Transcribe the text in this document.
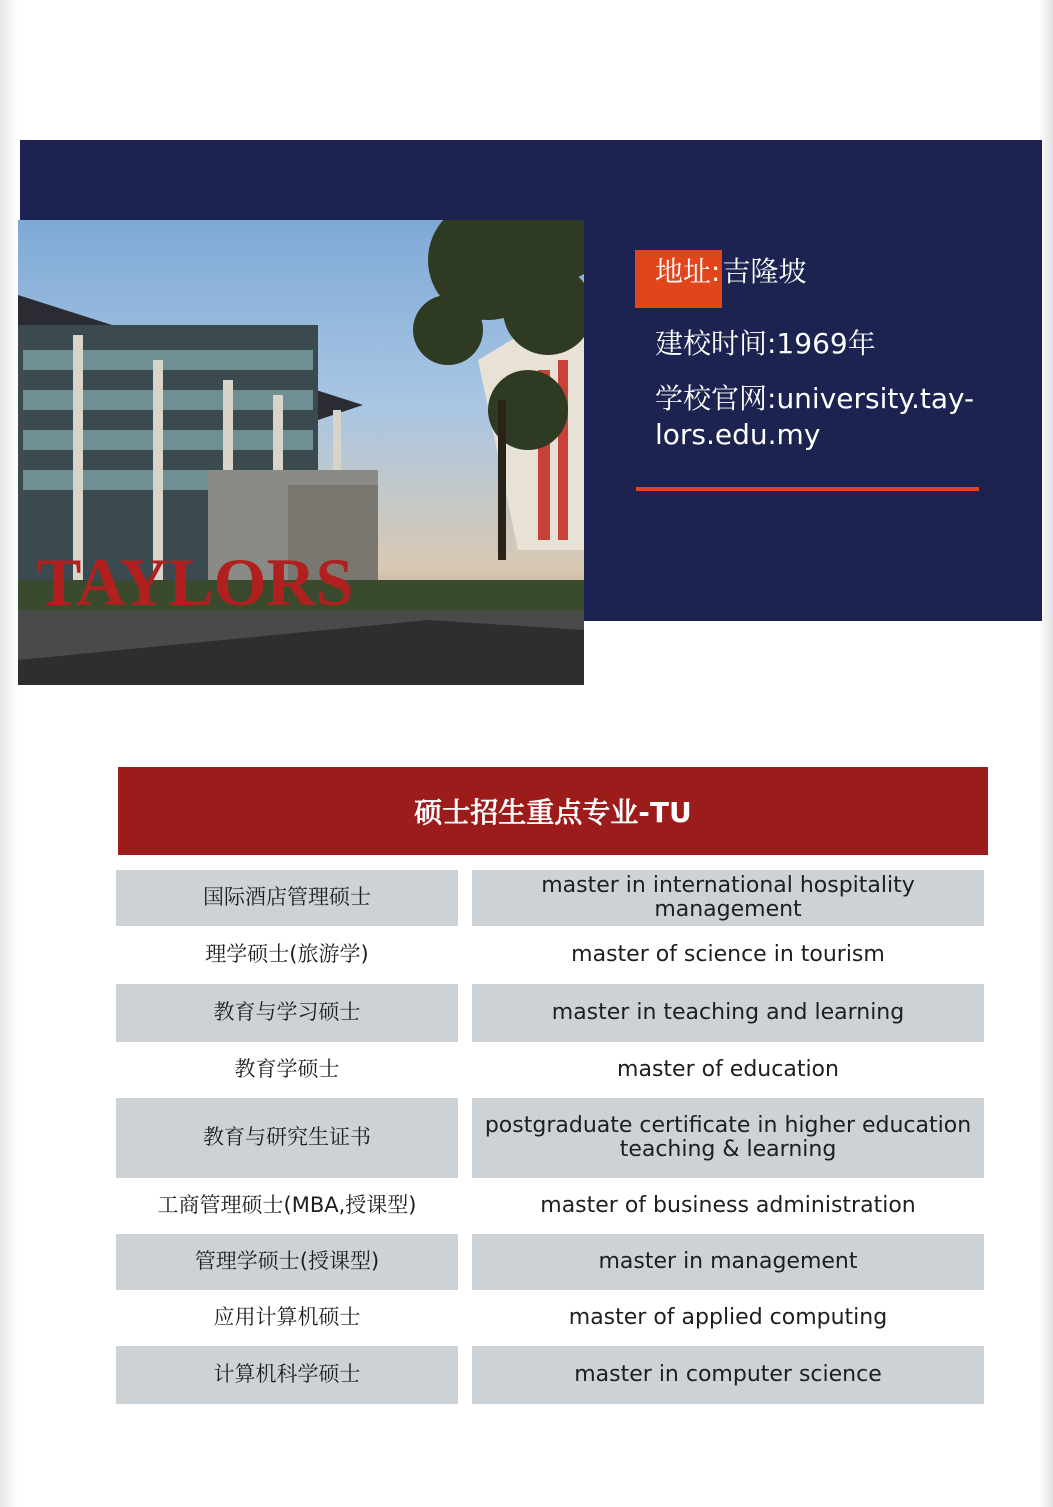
TAYLORS
地址:吉隆坡
建校时间:1969年
学校官网:university.tay-
lors.edu.my
硕士招生重点专业-TU
国际酒店管理硕士	master in international hospitality management
理学硕士(旅游学)	master of science in tourism
教育与学习硕士	master in teaching and learning
教育学硕士	master of education
教育与研究生证书	postgraduate certificate in higher education teaching & learning
工商管理硕士(MBA,授课型)	master of business administration
管理学硕士(授课型)	master in management
应用计算机硕士	master of applied computing
计算机科学硕士	master in computer science
